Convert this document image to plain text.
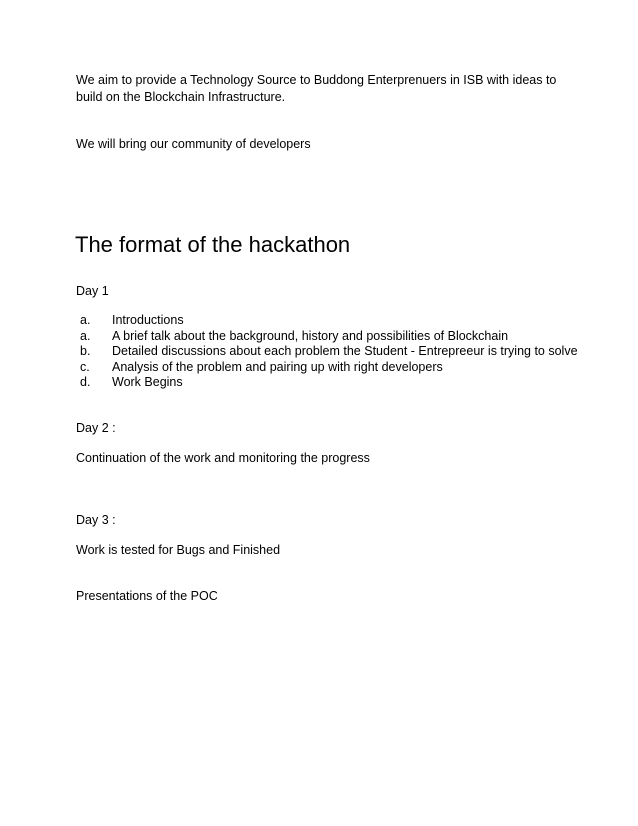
We aim to provide a Technology Source to Buddong Enterprenuers in ISB with ideas to build on the Blockchain Infrastructure.

We will bring our community of developers

The format of the hackathon

Day 1

a.	Introductions
a.	A brief talk about the background, history and possibilities of Blockchain
b.	Detailed discussions about each problem the Student - Entrepreeur is trying to solve
c.	Analysis of the problem and pairing up with right developers
d.	Work Begins

Day 2 :

Continuation of the work and monitoring the progress

Day 3 :

Work is tested for Bugs and Finished

Presentations of the POC
